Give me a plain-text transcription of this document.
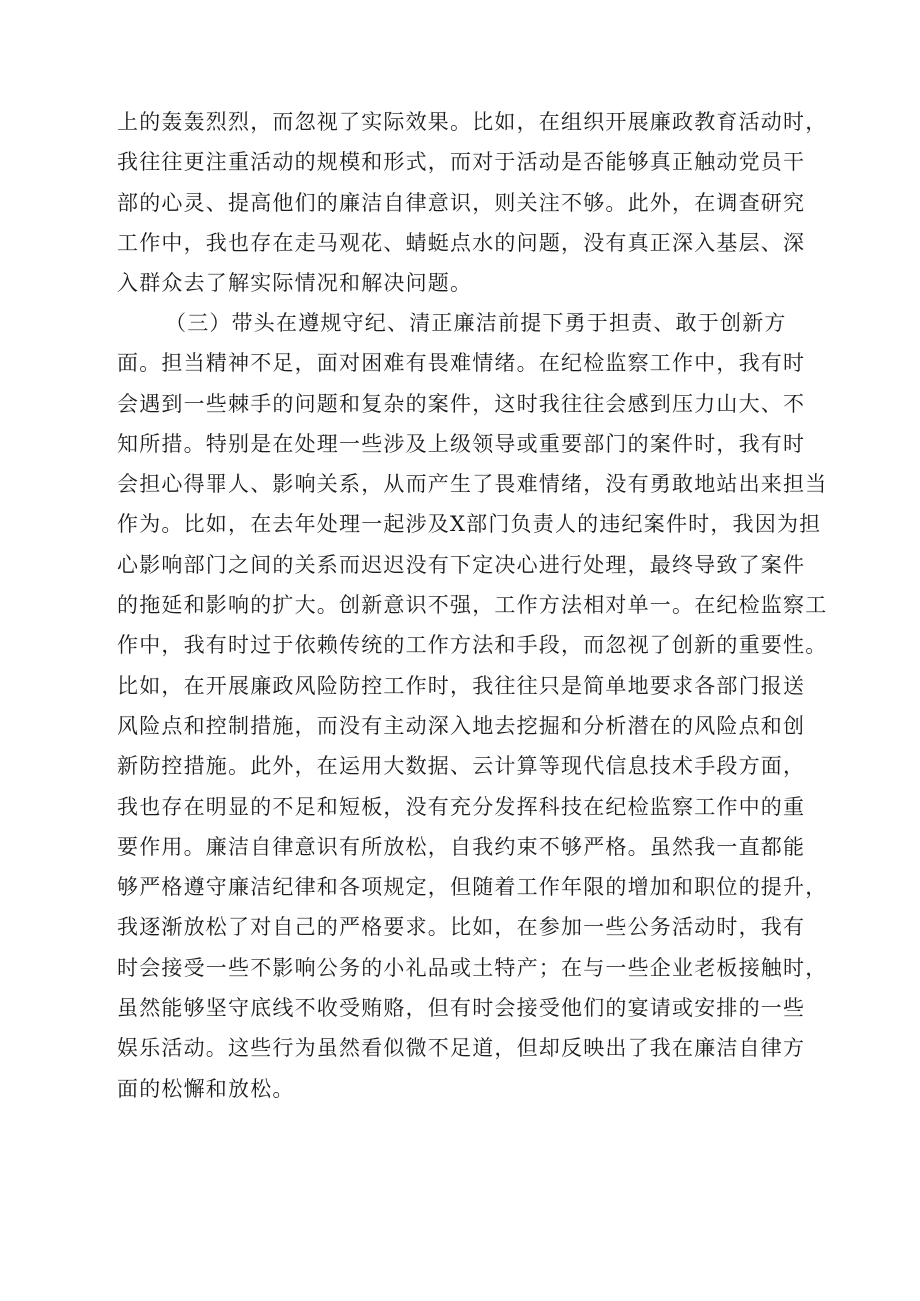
上的轰轰烈烈，而忽视了实际效果。比如，在组织开展廉政教育活动时，
我往往更注重活动的规模和形式，而对于活动是否能够真正触动党员干
部的心灵、提高他们的廉洁自律意识，则关注不够。此外，在调查研究
工作中，我也存在走马观花、蜻蜓点水的问题，没有真正深入基层、深
入群众去了解实际情况和解决问题。
（三）带头在遵规守纪、清正廉洁前提下勇于担责、敢于创新方
面。担当精神不足，面对困难有畏难情绪。在纪检监察工作中，我有时
会遇到一些棘手的问题和复杂的案件，这时我往往会感到压力山大、不
知所措。特别是在处理一些涉及上级领导或重要部门的案件时，我有时
会担心得罪人、影响关系，从而产生了畏难情绪，没有勇敢地站出来担当
作为。比如，在去年处理一起涉及X部门负责人的违纪案件时，我因为担
心影响部门之间的关系而迟迟没有下定决心进行处理，最终导致了案件
的拖延和影响的扩大。创新意识不强，工作方法相对单一。在纪检监察工
作中，我有时过于依赖传统的工作方法和手段，而忽视了创新的重要性。
比如，在开展廉政风险防控工作时，我往往只是简单地要求各部门报送
风险点和控制措施，而没有主动深入地去挖掘和分析潜在的风险点和创
新防控措施。此外，在运用大数据、云计算等现代信息技术手段方面，
我也存在明显的不足和短板，没有充分发挥科技在纪检监察工作中的重
要作用。廉洁自律意识有所放松，自我约束不够严格。虽然我一直都能
够严格遵守廉洁纪律和各项规定，但随着工作年限的增加和职位的提升，
我逐渐放松了对自己的严格要求。比如，在参加一些公务活动时，我有
时会接受一些不影响公务的小礼品或土特产；在与一些企业老板接触时，
虽然能够坚守底线不收受贿赂，但有时会接受他们的宴请或安排的一些
娱乐活动。这些行为虽然看似微不足道，但却反映出了我在廉洁自律方
面的松懈和放松。
